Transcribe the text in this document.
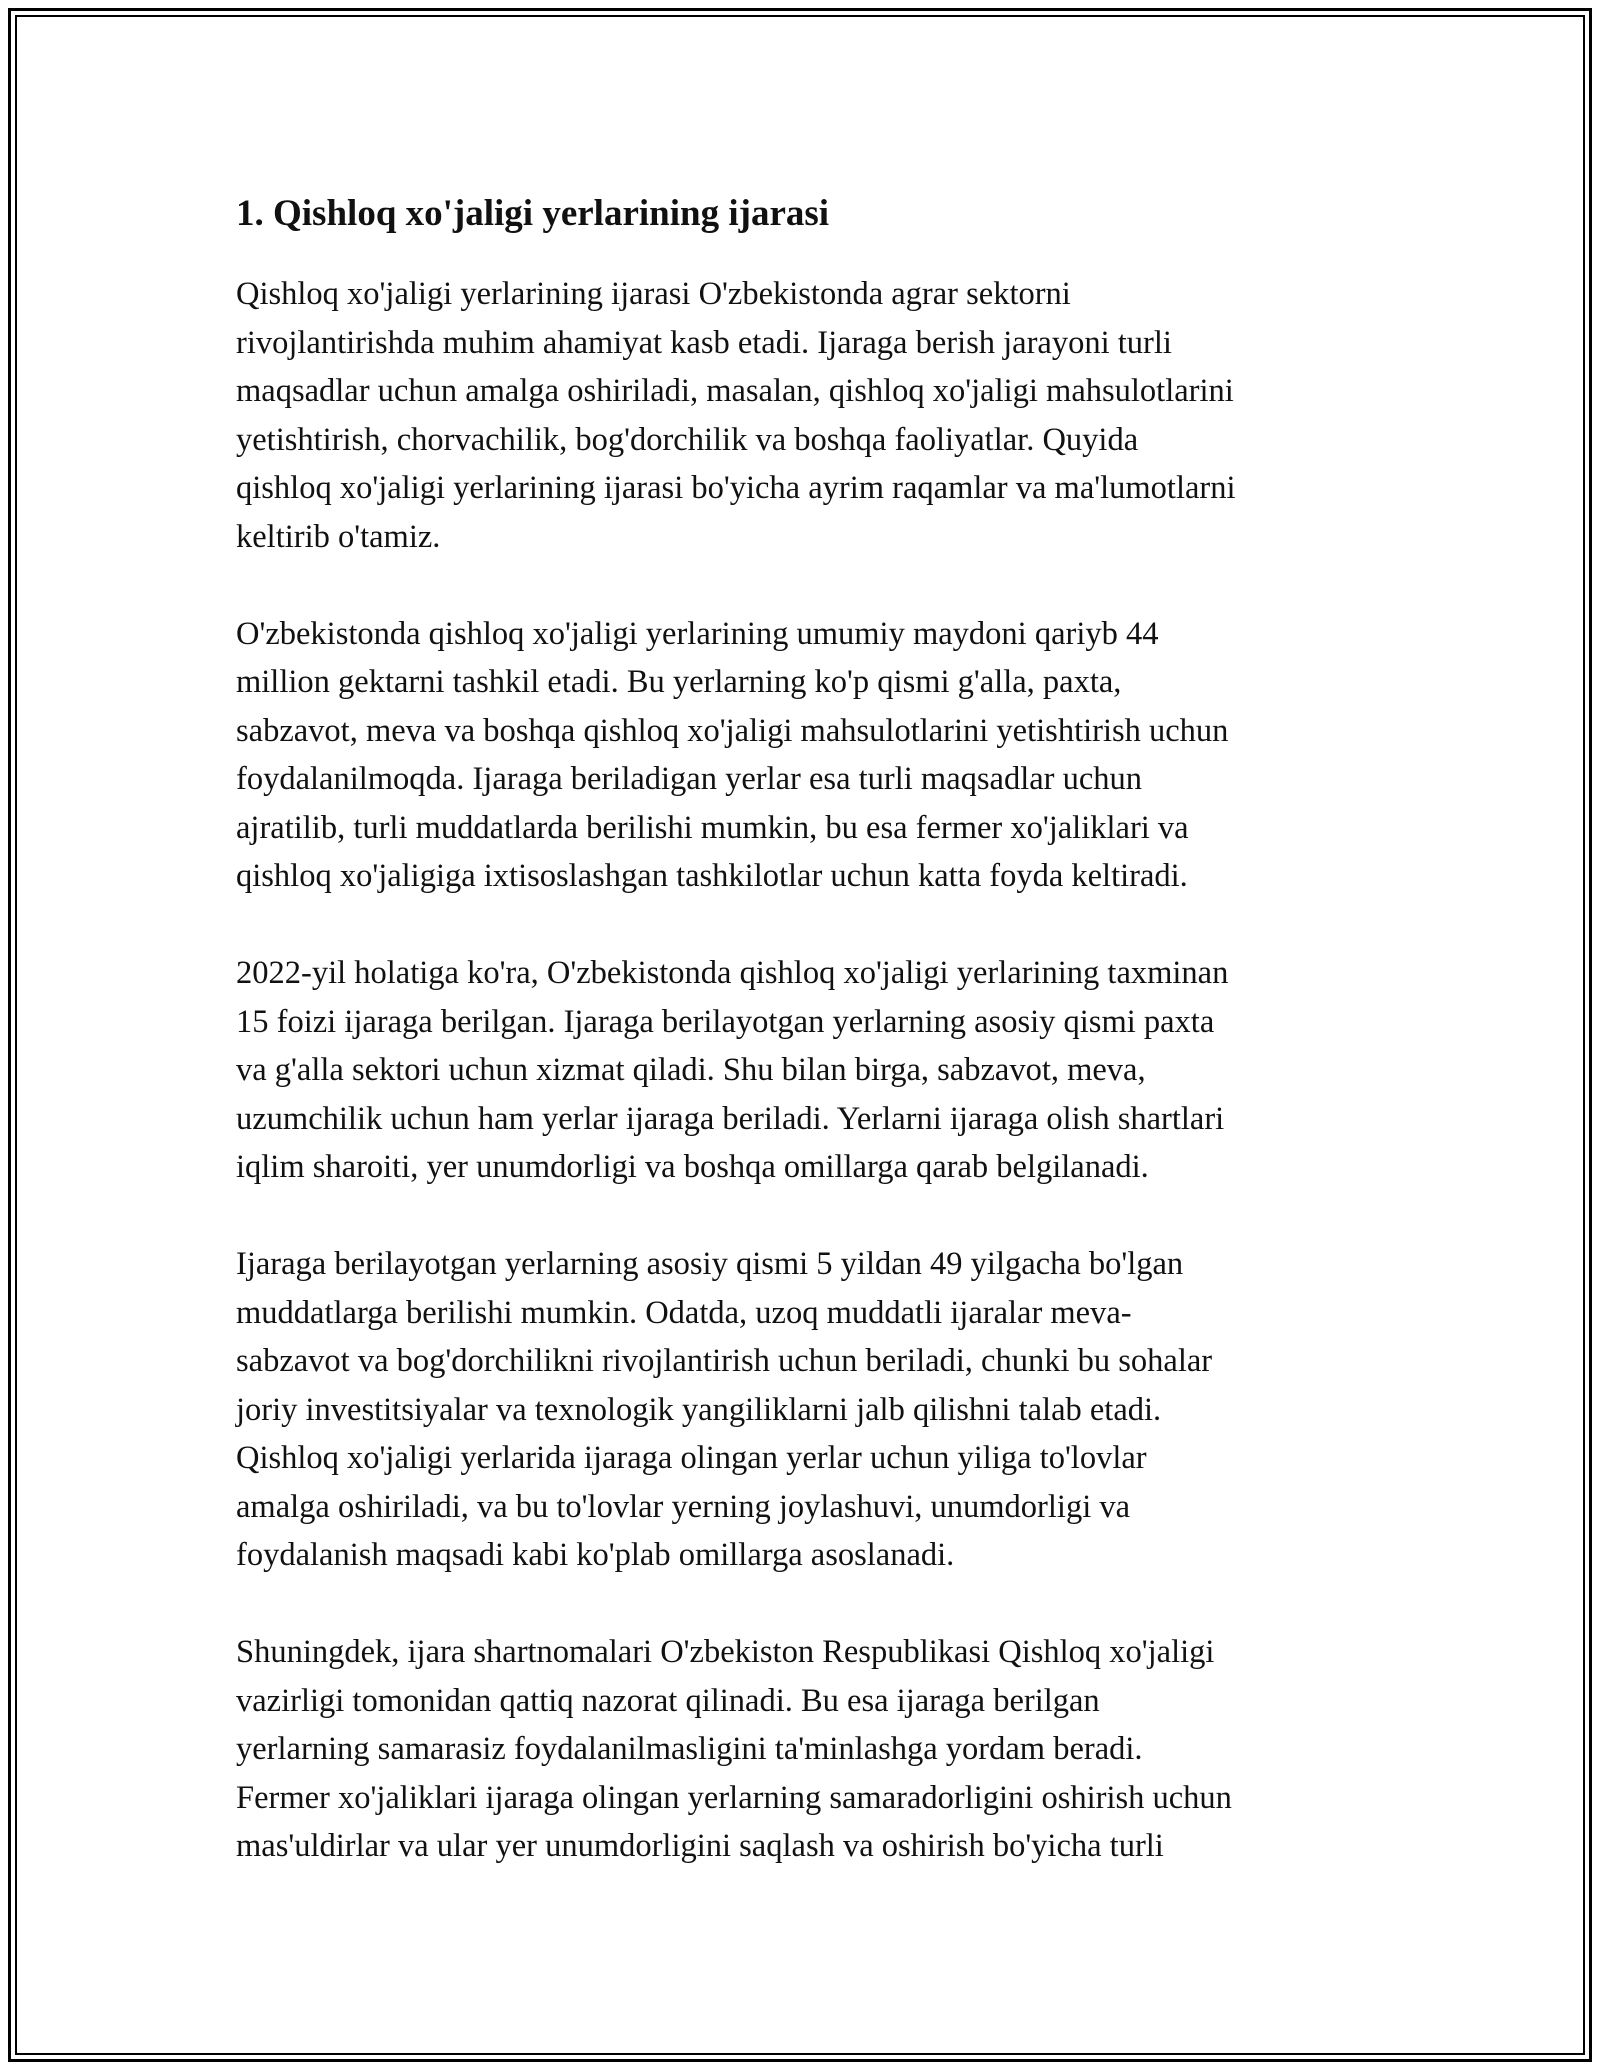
1. Qishloq xo'jaligi yerlarining ijarasi

Qishloq xo'jaligi yerlarining ijarasi O'zbekistonda agrar sektorni
rivojlantirishda muhim ahamiyat kasb etadi. Ijaraga berish jarayoni turli
maqsadlar uchun amalga oshiriladi, masalan, qishloq xo'jaligi mahsulotlarini
yetishtirish, chorvachilik, bog'dorchilik va boshqa faoliyatlar. Quyida
qishloq xo'jaligi yerlarining ijarasi bo'yicha ayrim raqamlar va ma'lumotlarni
keltirib o'tamiz.

O'zbekistonda qishloq xo'jaligi yerlarining umumiy maydoni qariyb 44
million gektarni tashkil etadi. Bu yerlarning ko'p qismi g'alla, paxta,
sabzavot, meva va boshqa qishloq xo'jaligi mahsulotlarini yetishtirish uchun
foydalanilmoqda. Ijaraga beriladigan yerlar esa turli maqsadlar uchun
ajratilib, turli muddatlarda berilishi mumkin, bu esa fermer xo'jaliklari va
qishloq xo'jaligiga ixtisoslashgan tashkilotlar uchun katta foyda keltiradi.

2022-yil holatiga ko'ra, O'zbekistonda qishloq xo'jaligi yerlarining taxminan
15 foizi ijaraga berilgan. Ijaraga berilayotgan yerlarning asosiy qismi paxta
va g'alla sektori uchun xizmat qiladi. Shu bilan birga, sabzavot, meva,
uzumchilik uchun ham yerlar ijaraga beriladi. Yerlarni ijaraga olish shartlari
iqlim sharoiti, yer unumdorligi va boshqa omillarga qarab belgilanadi.

Ijaraga berilayotgan yerlarning asosiy qismi 5 yildan 49 yilgacha bo'lgan
muddatlarga berilishi mumkin. Odatda, uzoq muddatli ijaralar meva-
sabzavot va bog'dorchilikni rivojlantirish uchun beriladi, chunki bu sohalar
joriy investitsiyalar va texnologik yangiliklarni jalb qilishni talab etadi.
Qishloq xo'jaligi yerlarida ijaraga olingan yerlar uchun yiliga to'lovlar
amalga oshiriladi, va bu to'lovlar yerning joylashuvi, unumdorligi va
foydalanish maqsadi kabi ko'plab omillarga asoslanadi.

Shuningdek, ijara shartnomalari O'zbekiston Respublikasi Qishloq xo'jaligi
vazirligi tomonidan qattiq nazorat qilinadi. Bu esa ijaraga berilgan
yerlarning samarasiz foydalanilmasligini ta'minlashga yordam beradi.
Fermer xo'jaliklari ijaraga olingan yerlarning samaradorligini oshirish uchun
mas'uldirlar va ular yer unumdorligini saqlash va oshirish bo'yicha turli
